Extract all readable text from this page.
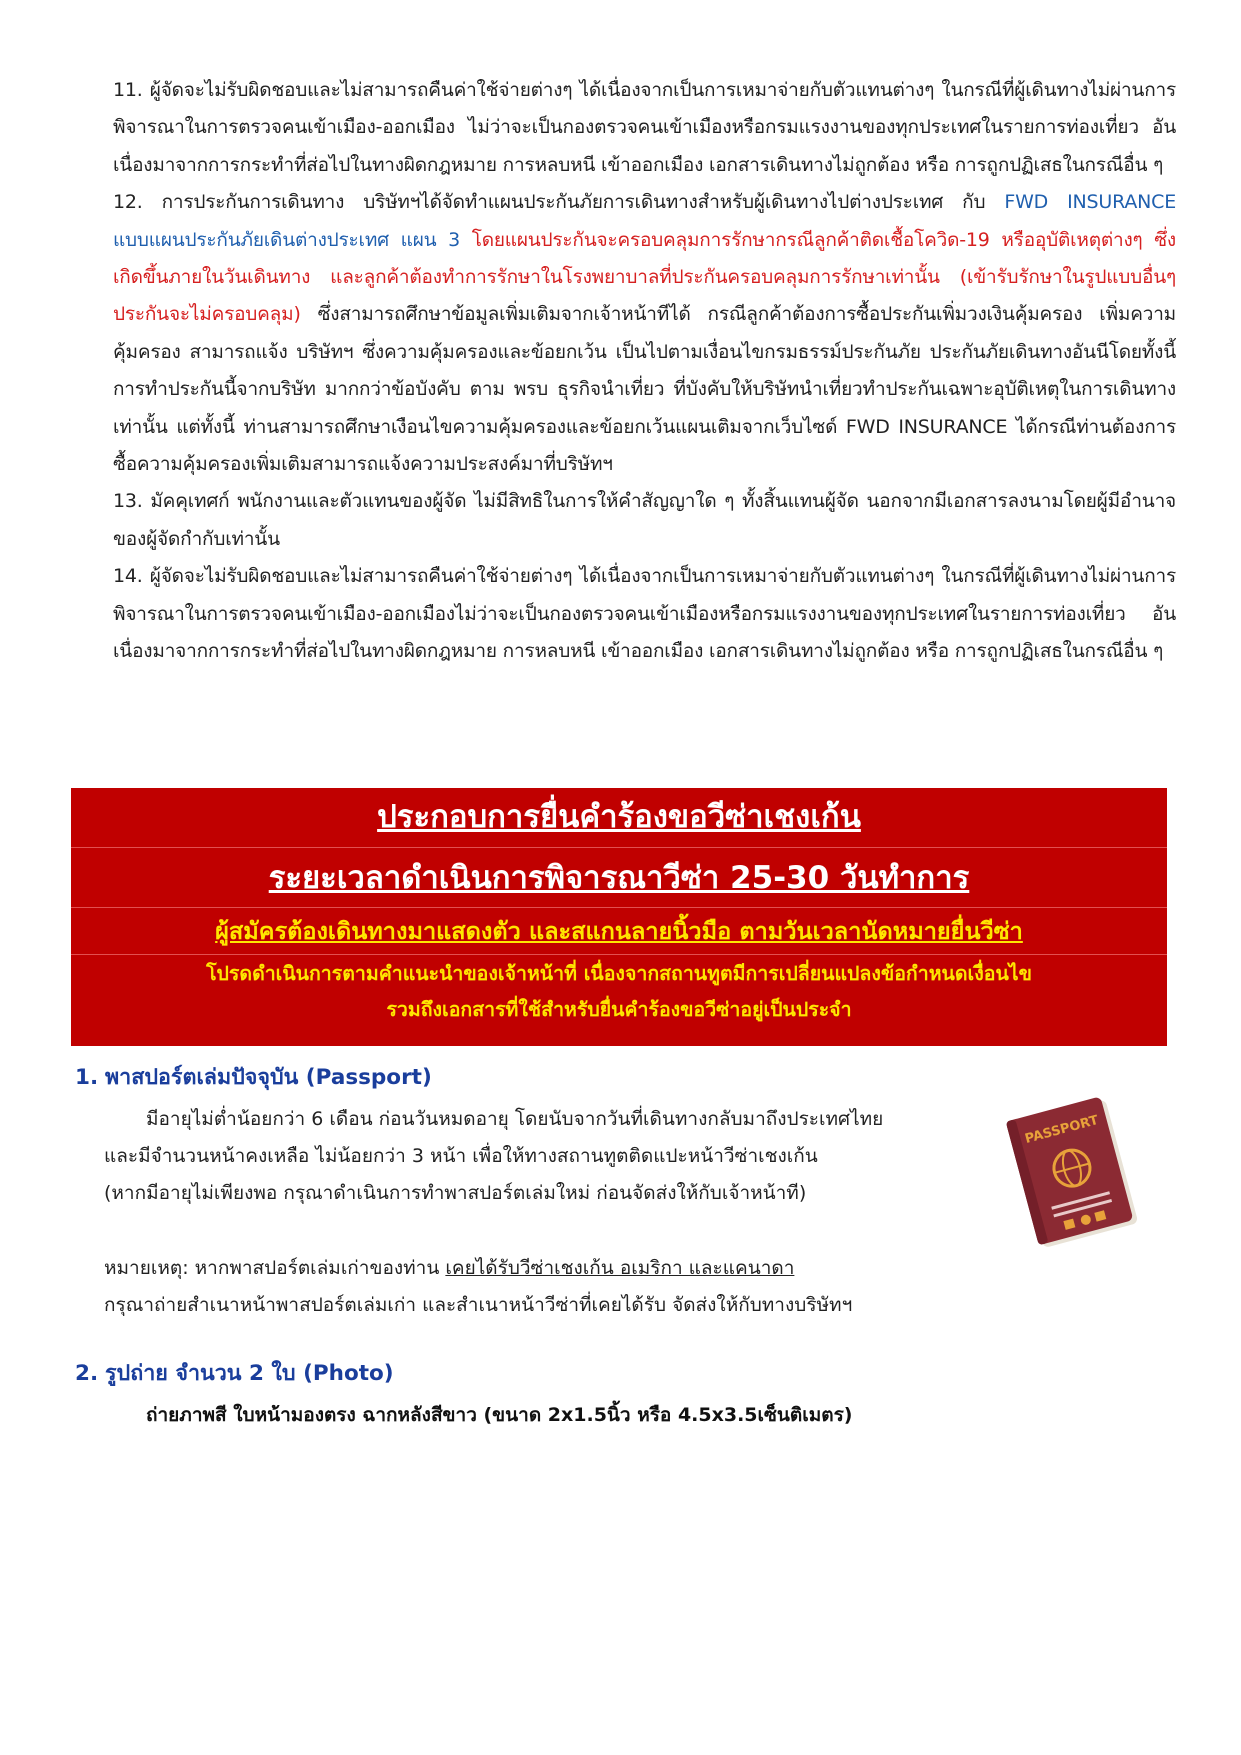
11. ผู้จัดจะไม่รับผิดชอบและไม่สามารถคืนค่าใช้จ่ายต่างๆ ได้เนื่องจากเป็นการเหมาจ่ายกับตัวแทนต่างๆ ในกรณีที่ผู้เดินทางไม่ผ่านการพิจารณาในการตรวจคนเข้าเมือง-ออกเมือง ไม่ว่าจะเป็นกองตรวจคนเข้าเมืองหรือกรมแรงงานของทุกประเทศในรายการท่องเที่ยว อันเนื่องมาจากการกระทำที่ส่อไปในทางผิดกฎหมาย การหลบหนี เข้าออกเมือง เอกสารเดินทางไม่ถูกต้อง หรือ การถูกปฏิเสธในกรณีอื่น ๆ

12. การประกันการเดินทาง บริษัทฯได้จัดทำแผนประกันภัยการเดินทางสำหรับผู้เดินทางไปต่างประเทศ กับ FWD INSURANCE แบบแผนประกันภัยเดินต่างประเทศ แผน 3 โดยแผนประกันจะครอบคลุมการรักษากรณีลูกค้าติดเชื้อโควิด-19 หรืออุบัติเหตุต่างๆ ซึ่งเกิดขึ้นภายในวันเดินทาง และลูกค้าต้องทำการรักษาในโรงพยาบาลที่ประกันครอบคลุมการรักษาเท่านั้น (เข้ารับรักษาในรูปแบบอื่นๆประกันจะไม่ครอบคลุม) ซึ่งสามารถศึกษาข้อมูลเพิ่มเติมจากเจ้าหน้าทีได้ กรณีลูกค้าต้องการซื้อประกันเพิ่มวงเงินคุ้มครอง เพิ่มความคุ้มครอง สามารถแจ้ง บริษัทฯ ซึ่งความคุ้มครองและข้อยกเว้น เป็นไปตามเงื่อนไขกรมธรรม์ประกันภัย ประกันภัยเดินทางอันนีโดยทั้งนี้การทำประกันนี้จากบริษัท มากกว่าข้อบังคับ ตาม พรบ ธุรกิจนำเที่ยว ที่บังคับให้บริษัทนำเที่ยวทำประกันเฉพาะอุบัติเหตุในการเดินทางเท่านั้น แต่ทั้งนี้ ท่านสามารถศึกษาเงือนไขความคุ้มครองและข้อยกเว้นแผนเติมจากเว็บไซด์ FWD INSURANCE ได้กรณีท่านต้องการซื้อความคุ้มครองเพิ่มเติมสามารถแจ้งความประสงค์มาที่บริษัทฯ

13. มัคคุเทศก์ พนักงานและตัวแทนของผู้จัด ไม่มีสิทธิในการให้คำสัญญาใด ๆ ทั้งสิ้นแทนผู้จัด นอกจากมีเอกสารลงนามโดยผู้มีอำนาจของผู้จัดกำกับเท่านั้น

14. ผู้จัดจะไม่รับผิดชอบและไม่สามารถคืนค่าใช้จ่ายต่างๆ ได้เนื่องจากเป็นการเหมาจ่ายกับตัวแทนต่างๆ ในกรณีที่ผู้เดินทางไม่ผ่านการพิจารณาในการตรวจคนเข้าเมือง-ออกเมืองไม่ว่าจะเป็นกองตรวจคนเข้าเมืองหรือกรมแรงงานของทุกประเทศในรายการท่องเที่ยว อันเนื่องมาจากการกระทำที่ส่อไปในทางผิดกฎหมาย การหลบหนี เข้าออกเมือง เอกสารเดินทางไม่ถูกต้อง หรือ การถูกปฏิเสธในกรณีอื่น ๆ

ประกอบการยื่นคำร้องขอวีซ่าเชงเก้น
ระยะเวลาดำเนินการพิจารณาวีซ่า 25-30 วันทำการ
ผู้สมัครต้องเดินทางมาแสดงตัว และสแกนลายนิ้วมือ ตามวันเวลานัดหมายยื่นวีซ่า
โปรดดำเนินการตามคำแนะนำของเจ้าหน้าที่ เนื่องจากสถานทูตมีการเปลี่ยนแปลงข้อกำหนดเงื่อนไข
รวมถึงเอกสารที่ใช้สำหรับยื่นคำร้องขอวีซ่าอยู่เป็นประจำ
1. พาสปอร์ตเล่มปัจจุบัน (Passport)
มีอายุไม่ต่ำน้อยกว่า 6 เดือน ก่อนวันหมดอายุ โดยนับจากวันที่เดินทางกลับมาถึงประเทศไทย
และมีจำนวนหน้าคงเหลือ ไม่น้อยกว่า 3 หน้า เพื่อให้ทางสถานทูตติดแปะหน้าวีซ่าเชงเก้น
(หากมีอายุไม่เพียงพอ กรุณาดำเนินการทำพาสปอร์ตเล่มใหม่ ก่อนจัดส่งให้กับเจ้าหน้าที)
หมายเหตุ: หากพาสปอร์ตเล่มเก่าของท่าน เคยได้รับวีซ่าเชงเก้น อเมริกา และแคนาดา
กรุณาถ่ายสำเนาหน้าพาสปอร์ตเล่มเก่า และสำเนาหน้าวีซ่าที่เคยได้รับ จัดส่งให้กับทางบริษัทฯ
PASSPORT
2. รูปถ่าย จำนวน 2 ใบ (Photo)
ถ่ายภาพสี ใบหน้ามองตรง ฉากหลังสีขาว (ขนาด 2x1.5นิ้ว หรือ 4.5x3.5เซ็นติเมตร)
